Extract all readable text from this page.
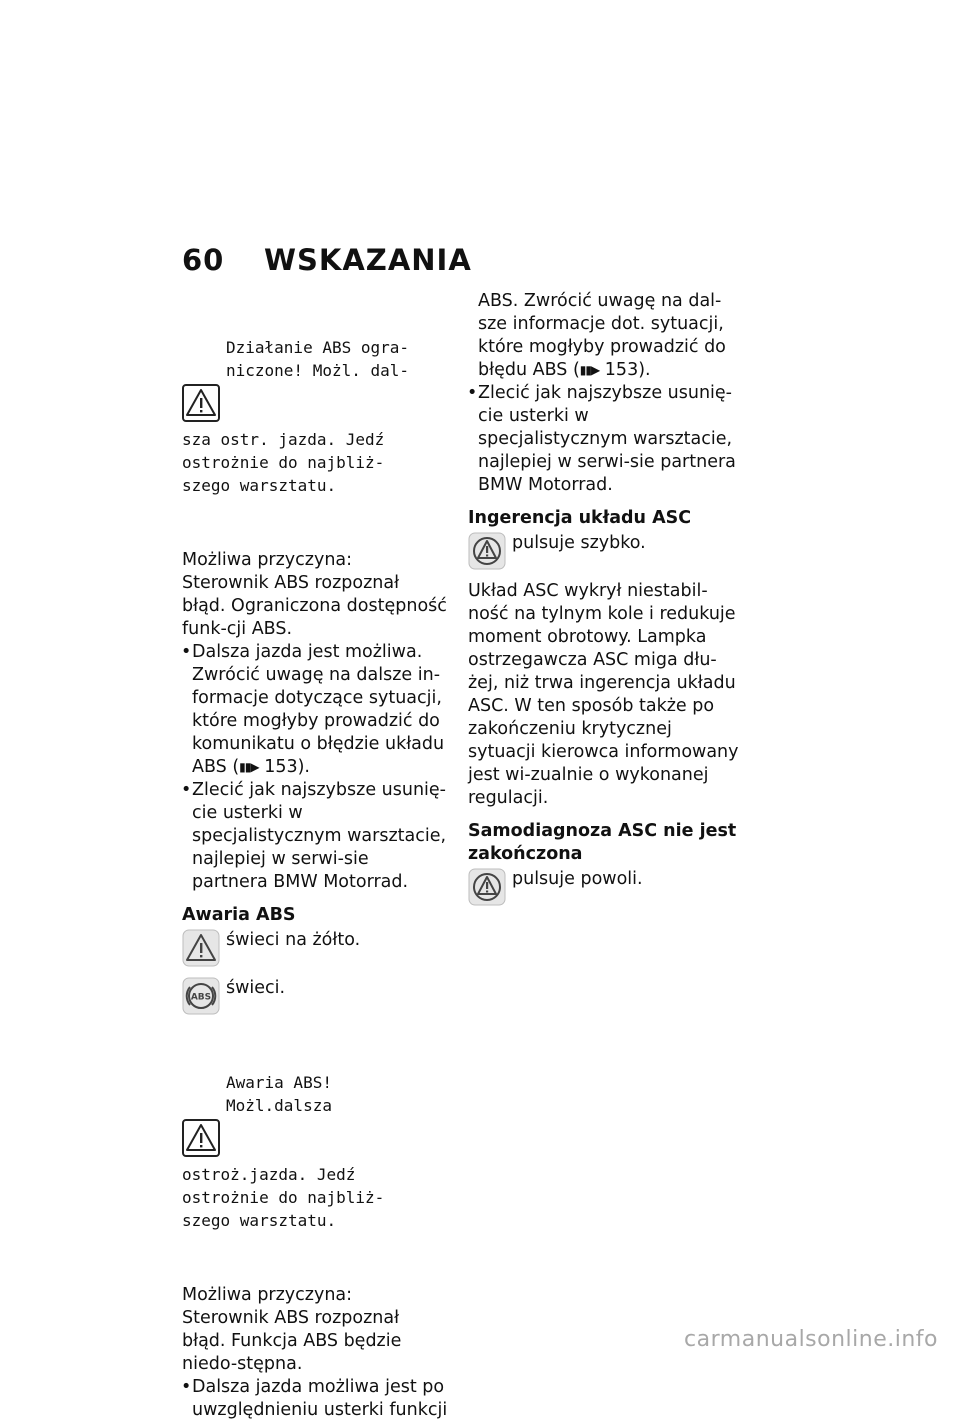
60	WSKAZANIA

Działanie ABS ogra-
niczone! Możl. dal-

sza ostr. jazda. Jedź
ostrożnie do najbliż-
szego warsztatu.

Możliwa przyczyna:
Sterownik ABS rozpoznał błąd. Ograniczona dostępność funk-cji ABS.

• Dalsza jazda jest możliwa. Zwrócić uwagę na dalsze in-formacje dotyczące sytuacji, które mogłyby prowadzić do komunikatu o błędzie układu ABS (▮▮▶ 153).
• Zlecić jak najszybsze usunię-cie usterki w specjalistycznym warsztacie, najlepiej w serwi-sie partnera BMW Motorrad.
Awaria ABS
świeci na żółto.
ABS świeci.

Awaria ABS!
Możl.dalsza

ostroż.jazda. Jedź
ostrożnie do najbliż-
szego warsztatu.

Możliwa przyczyna:
Sterownik ABS rozpoznał błąd. Funkcja ABS będzie niedo-stępna.

• Dalsza jazda możliwa jest po uwzględnieniu usterki funkcji

ABS. Zwrócić uwagę na dal-sze informacje dot. sytuacji, które mogłyby prowadzić do błędu ABS (▮▮▶ 153).

• Zlecić jak najszybsze usunię-cie usterki w specjalistycznym warsztacie, najlepiej w serwi-sie partnera BMW Motorrad.
Ingerencja układu ASC
pulsuje szybko.

Układ ASC wykrył niestabil-ność na tylnym kole i redukuje moment obrotowy. Lampka ostrzegawcza ASC miga dłu-żej, niż trwa ingerencja układu ASC. W ten sposób także po zakończeniu krytycznej sytuacji kierowca informowany jest wi-zualnie o wykonanej regulacji.

Samodiagnoza ASC nie jest zakończona
pulsuje powoli.
carmanualsonline.info
